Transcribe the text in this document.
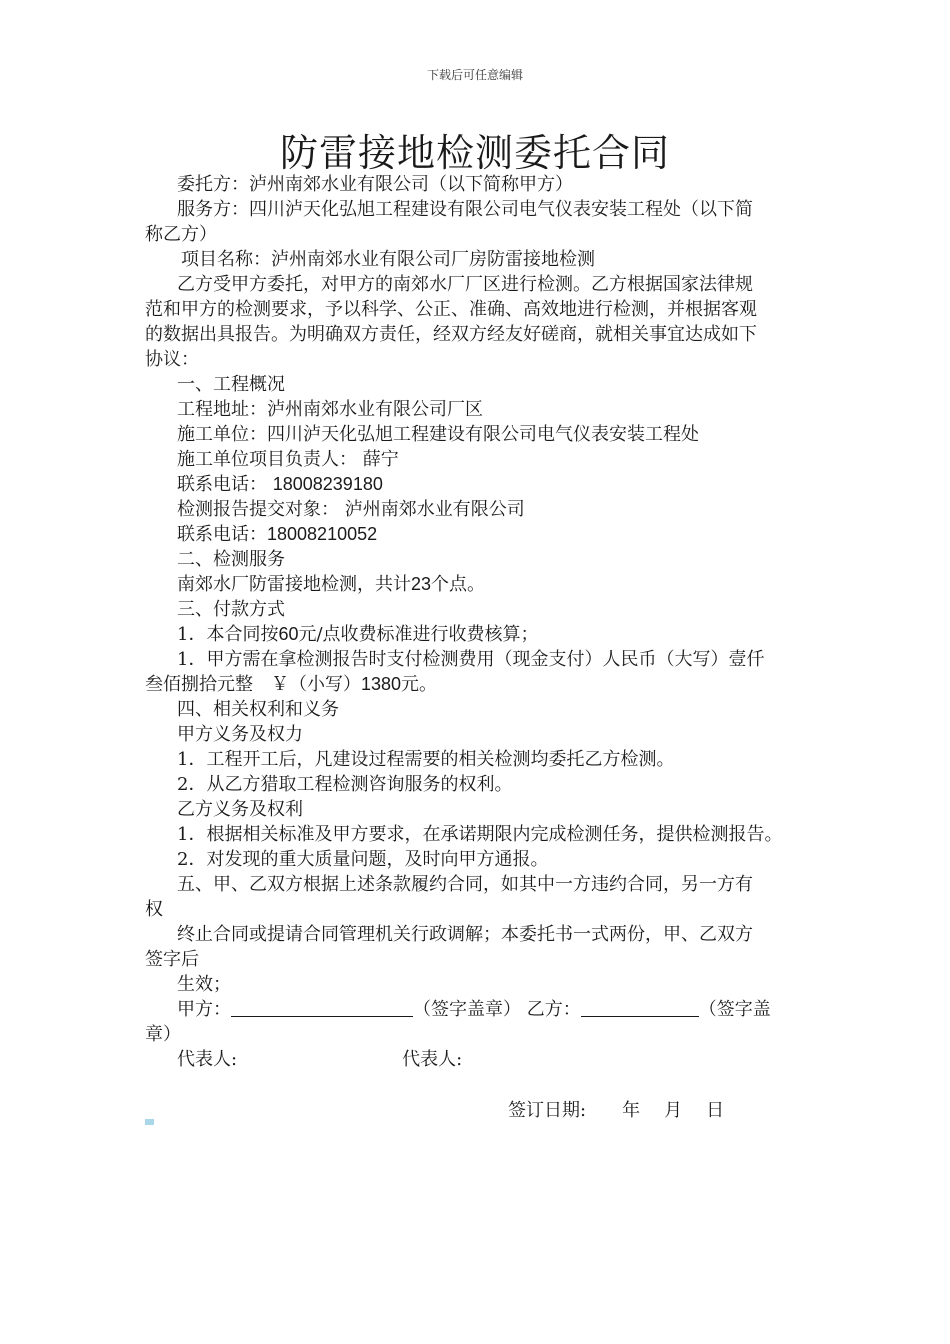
下载后可任意编辑
防雷接地检测委托合同
委托方：泸州南郊水业有限公司（以下简称甲方）
服务方：四川泸天化弘旭工程建设有限公司电气仪表安装工程处（以下简
称乙方）
项目名称：泸州南郊水业有限公司厂房防雷接地检测
乙方受甲方委托，对甲方的南郊水厂厂区进行检测。乙方根据国家法律规
范和甲方的检测要求，予以科学、公正、准确、高效地进行检测，并根据客观
的数据出具报告。为明确双方责任，经双方经友好磋商，就相关事宜达成如下
协议：
一、工程概况
工程地址：泸州南郊水业有限公司厂区
施工单位：四川泸天化弘旭工程建设有限公司电气仪表安装工程处
施工单位项目负责人： 薛宁
联系电话： 18008239180
检测报告提交对象： 泸州南郊水业有限公司
联系电话：18008210052
二、检测服务
南郊水厂防雷接地检测，共计23个点。
三、付款方式
1．本合同按60元/点收费标准进行收费核算；
1．甲方需在拿检测报告时支付检测费用（现金支付）人民币（大写）壹仟
叁佰捌拾元整　￥（小写）1380元。
四、相关权利和义务
甲方义务及权力
1．工程开工后，凡建设过程需要的相关检测均委托乙方检测。
2．从乙方猎取工程检测咨询服务的权利。
乙方义务及权利
1．根据相关标准及甲方要求，在承诺期限内完成检测任务，提供检测报告。
2．对发现的重大质量问题，及时向甲方通报。
五、甲、乙双方根据上述条款履约合同，如其中一方违约合同，另一方有
权
终止合同或提请合同管理机关行政调解；本委托书一式两份，甲、乙双方
签字后
生效；
甲方：	（签字盖章） 乙方：	（签字盖
章）
代表人:	代表人:
签订日期: 年 月 日
